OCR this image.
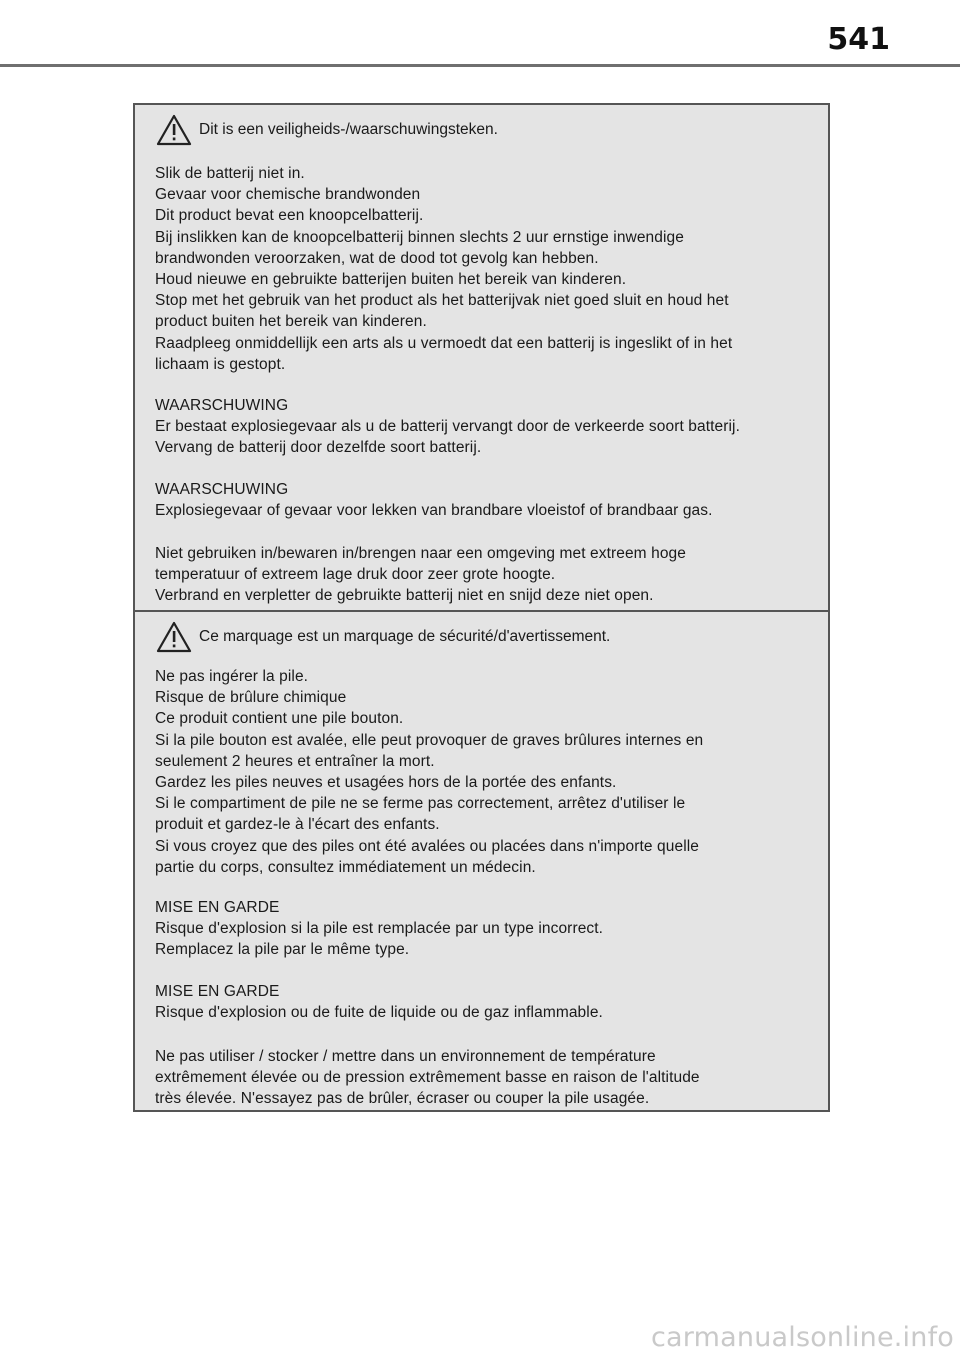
541
Dit is een veiligheids-/waarschuwingsteken.
Slik de batterij niet in.
Gevaar voor chemische brandwonden
Dit product bevat een knoopcelbatterij.
Bij inslikken kan de knoopcelbatterij binnen slechts 2 uur ernstige inwendige
brandwonden veroorzaken, wat de dood tot gevolg kan hebben.
Houd nieuwe en gebruikte batterijen buiten het bereik van kinderen.
Stop met het gebruik van het product als het batterijvak niet goed sluit en houd het
product buiten het bereik van kinderen.
Raadpleeg onmiddellijk een arts als u vermoedt dat een batterij is ingeslikt of in het
lichaam is gestopt.
WAARSCHUWING
Er bestaat explosiegevaar als u de batterij vervangt door de verkeerde soort batterij.
Vervang de batterij door dezelfde soort batterij.
WAARSCHUWING
Explosiegevaar of gevaar voor lekken van brandbare vloeistof of brandbaar gas.
Niet gebruiken in/bewaren in/brengen naar een omgeving met extreem hoge
temperatuur of extreem lage druk door zeer grote hoogte.
Verbrand en verpletter de gebruikte batterij niet en snijd deze niet open.
Ce marquage est un marquage de sécurité/d'avertissement.
Ne pas ingérer la pile.
Risque de brûlure chimique
Ce produit contient une pile bouton.
Si la pile bouton est avalée, elle peut provoquer de graves brûlures internes en
seulement 2 heures et entraîner la mort.
Gardez les piles neuves et usagées hors de la portée des enfants.
Si le compartiment de pile ne se ferme pas correctement, arrêtez d'utiliser le
produit et gardez-le à l'écart des enfants.
Si vous croyez que des piles ont été avalées ou placées dans n'importe quelle
partie du corps, consultez immédiatement un médecin.
MISE EN GARDE
Risque d'explosion si la pile est remplacée par un type incorrect.
Remplacez la pile par le même type.
MISE EN GARDE
Risque d'explosion ou de fuite de liquide ou de gaz inflammable.
Ne pas utiliser / stocker / mettre dans un environnement de température
extrêmement élevée ou de pression extrêmement basse en raison de l'altitude
très élevée. N'essayez pas de brûler, écraser ou couper la pile usagée.
carmanualsonline.info
